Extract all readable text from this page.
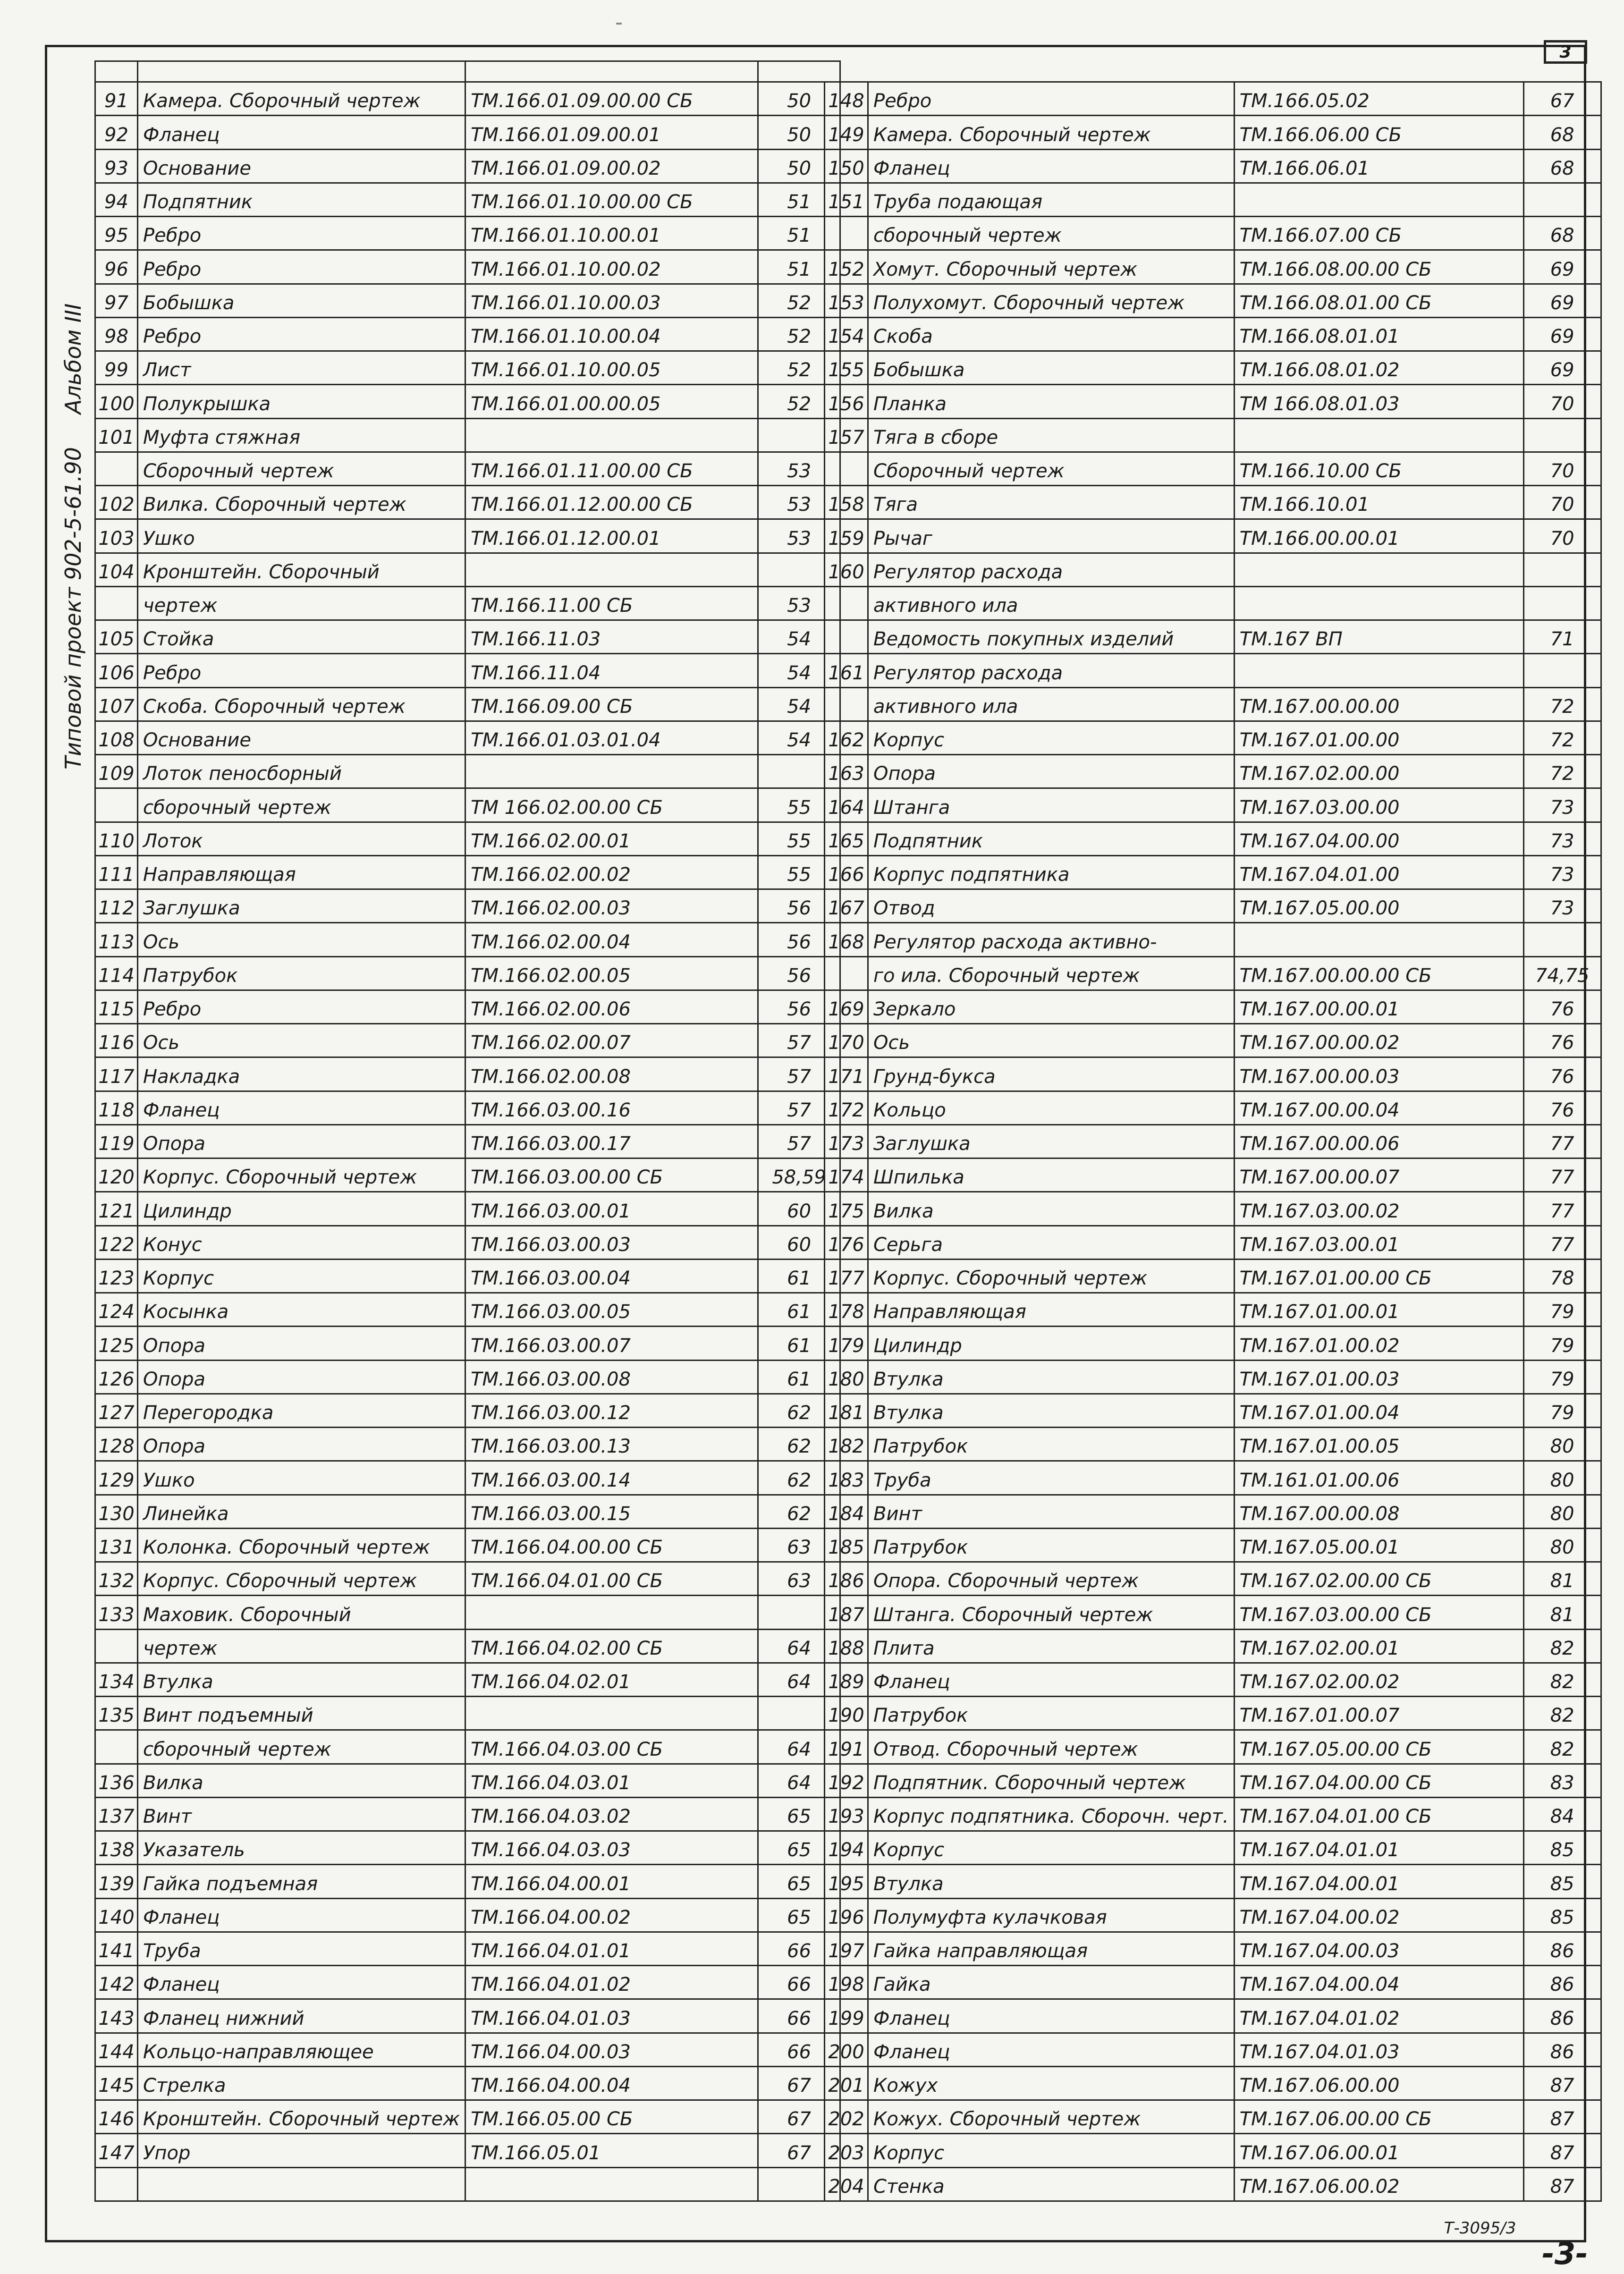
3
Типовой проект 902-5-61.90
Альбом III

91	Камера. Сборочный чертеж	ТМ.166.01.09.00.00 СБ	50
92	Фланец	ТМ.166.01.09.00.01	50
93	Основание	ТМ.166.01.09.00.02	50
94	Подпятник	ТМ.166.01.10.00.00 СБ	51
95	Ребро	ТМ.166.01.10.00.01	51
96	Ребро	ТМ.166.01.10.00.02	51
97	Бобышка	ТМ.166.01.10.00.03	52
98	Ребро	ТМ.166.01.10.00.04	52
99	Лист	ТМ.166.01.10.00.05	52
100	Полукрышка	ТМ.166.01.00.00.05	52
101	Муфта стяжная		
	Сборочный чертеж	ТМ.166.01.11.00.00 СБ	53
102	Вилка. Сборочный чертеж	ТМ.166.01.12.00.00 СБ	53
103	Ушко	ТМ.166.01.12.00.01	53
104	Кронштейн. Сборочный		
	чертеж	ТМ.166.11.00 СБ	53
105	Стойка	ТМ.166.11.03	54
106	Ребро	ТМ.166.11.04	54
107	Скоба. Сборочный чертеж	ТМ.166.09.00 СБ	54
108	Основание	ТМ.166.01.03.01.04	54
109	Лоток пеносборный		
	сборочный чертеж	ТМ 166.02.00.00 СБ	55
110	Лоток	ТМ.166.02.00.01	55
111	Направляющая	ТМ.166.02.00.02	55
112	Заглушка	ТМ.166.02.00.03	56
113	Ось	ТМ.166.02.00.04	56
114	Патрубок	ТМ.166.02.00.05	56
115	Ребро	ТМ.166.02.00.06	56
116	Ось	ТМ.166.02.00.07	57
117	Накладка	ТМ.166.02.00.08	57
118	Фланец	ТМ.166.03.00.16	57
119	Опора	ТМ.166.03.00.17	57
120	Корпус. Сборочный чертеж	ТМ.166.03.00.00 СБ	58,59
121	Цилиндр	ТМ.166.03.00.01	60
122	Конус	ТМ.166.03.00.03	60
123	Корпус	ТМ.166.03.00.04	61
124	Косынка	ТМ.166.03.00.05	61
125	Опора	ТМ.166.03.00.07	61
126	Опора	ТМ.166.03.00.08	61
127	Перегородка	ТМ.166.03.00.12	62
128	Опора	ТМ.166.03.00.13	62
129	Ушко	ТМ.166.03.00.14	62
130	Линейка	ТМ.166.03.00.15	62
131	Колонка. Сборочный чертеж	ТМ.166.04.00.00 СБ	63
132	Корпус. Сборочный чертеж	ТМ.166.04.01.00 СБ	63
133	Маховик. Сборочный		
	чертеж	ТМ.166.04.02.00 СБ	64
134	Втулка	ТМ.166.04.02.01	64
135	Винт подъемный		
	сборочный чертеж	ТМ.166.04.03.00 СБ	64
136	Вилка	ТМ.166.04.03.01	64
137	Винт	ТМ.166.04.03.02	65
138	Указатель	ТМ.166.04.03.03	65
139	Гайка подъемная	ТМ.166.04.00.01	65
140	Фланец	ТМ.166.04.00.02	65
141	Труба	ТМ.166.04.01.01	66
142	Фланец	ТМ.166.04.01.02	66
143	Фланец нижний	ТМ.166.04.01.03	66
144	Кольцо-направляющее	ТМ.166.04.00.03	66
145	Стрелка	ТМ.166.04.00.04	67
146	Кронштейн. Сборочный чертеж	ТМ.166.05.00 СБ	67
147	Упор	ТМ.166.05.01	67

148	Ребро	ТМ.166.05.02	67
149	Камера. Сборочный чертеж	ТМ.166.06.00 СБ	68
150	Фланец	ТМ.166.06.01	68
151	Труба подающая		
	сборочный чертеж	ТМ.166.07.00 СБ	68
152	Хомут. Сборочный чертеж	ТМ.166.08.00.00 СБ	69
153	Полухомут. Сборочный чертеж	ТМ.166.08.01.00 СБ	69
154	Скоба	ТМ.166.08.01.01	69
155	Бобышка	ТМ.166.08.01.02	69
156	Планка	ТМ 166.08.01.03	70
157	Тяга в сборе		
	Сборочный чертеж	ТМ.166.10.00 СБ	70
158	Тяга	ТМ.166.10.01	70
159	Рычаг	ТМ.166.00.00.01	70
160	Регулятор расхода		
	активного ила		
	Ведомость покупных изделий	ТМ.167 ВП	71
161	Регулятор расхода		
	активного ила	ТМ.167.00.00.00	72
162	Корпус	ТМ.167.01.00.00	72
163	Опора	ТМ.167.02.00.00	72
164	Штанга	ТМ.167.03.00.00	73
165	Подпятник	ТМ.167.04.00.00	73
166	Корпус подпятника	ТМ.167.04.01.00	73
167	Отвод	ТМ.167.05.00.00	73
168	Регулятор расхода активно-		
	го ила. Сборочный чертеж	ТМ.167.00.00.00 СБ	74,75
169	Зеркало	ТМ.167.00.00.01	76
170	Ось	ТМ.167.00.00.02	76
171	Грунд-букса	ТМ.167.00.00.03	76
172	Кольцо	ТМ.167.00.00.04	76
173	Заглушка	ТМ.167.00.00.06	77
174	Шпилька	ТМ.167.00.00.07	77
175	Вилка	ТМ.167.03.00.02	77
176	Серьга	ТМ.167.03.00.01	77
177	Корпус. Сборочный чертеж	ТМ.167.01.00.00 СБ	78
178	Направляющая	ТМ.167.01.00.01	79
179	Цилиндр	ТМ.167.01.00.02	79
180	Втулка	ТМ.167.01.00.03	79
181	Втулка	ТМ.167.01.00.04	79
182	Патрубок	ТМ.167.01.00.05	80
183	Труба	ТМ.161.01.00.06	80
184	Винт	ТМ.167.00.00.08	80
185	Патрубок	ТМ.167.05.00.01	80
186	Опора. Сборочный чертеж	ТМ.167.02.00.00 СБ	81
187	Штанга. Сборочный чертеж	ТМ.167.03.00.00 СБ	81
188	Плита	ТМ.167.02.00.01	82
189	Фланец	ТМ.167.02.00.02	82
190	Патрубок	ТМ.167.01.00.07	82
191	Отвод. Сборочный чертеж	ТМ.167.05.00.00 СБ	82
192	Подпятник. Сборочный чертеж	ТМ.167.04.00.00 СБ	83
193	Корпус подпятника. Сборочн. черт.	ТМ.167.04.01.00 СБ	84
194	Корпус	ТМ.167.04.01.01	85
195	Втулка	ТМ.167.04.00.01	85
196	Полумуфта кулачковая	ТМ.167.04.00.02	85
197	Гайка направляющая	ТМ.167.04.00.03	86
198	Гайка	ТМ.167.04.00.04	86
199	Фланец	ТМ.167.04.01.02	86
200	Фланец	ТМ.167.04.01.03	86
201	Кожух	ТМ.167.06.00.00	87
202	Кожух. Сборочный чертеж	ТМ.167.06.00.00 СБ	87
203	Корпус	ТМ.167.06.00.01	87
204	Стенка	ТМ.167.06.00.02	87
Т-3095/3
-3-
